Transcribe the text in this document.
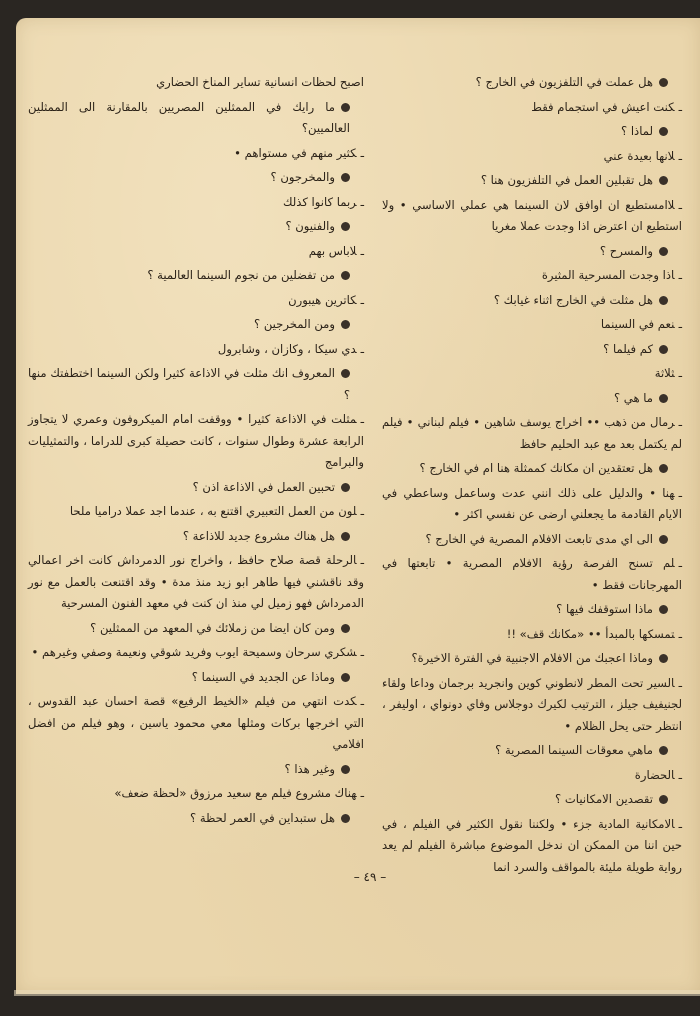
هل عملت في التلفزيون في الخارج ؟

ـكنت اعيش في استجمام فقط

لماذا ؟

ـلانها بعيدة عني

هل تقبلين العمل في التلفزيون هنا ؟

ـلاامستطيع ان اوافق لان السينما هي عملي الاساسي • ولا استطيع ان اعترض اذا وجدت عملا مغريا

والمسرح ؟

ـاذا وجدت المسرحية المثيرة

هل مثلت في الخارج اثناء غيابك ؟

ـنعم في السينما

كم فيلما ؟

ـثلاثة

ما هي ؟

ـرمال من ذهب •• اخراج يوسف شاهين • فيلم لبناني • فيلم لم يكتمل بعد مع عبد الحليم حافظ

هل تعتقدين ان مكانك كممثلة هنا ام في الخارج ؟

ـهنا • والدليل على ذلك انني عدت وساعمل وساعطي في الايام القادمة ما يجعلني ارضى عن نفسي اكثر •

الى اي مدى تابعت الافلام المصرية في الخارج ؟

ـلم تسنح الفرصة رؤية الافلام المصرية • تابعتها في المهرجانات فقط •

ماذا استوقفك فيها ؟

ـتمسكها بالمبدأ •• «مكانك قف» !!

وماذا اعجبك من الافلام الاجنبية في الفترة الاخيرة؟

ـالسير تحت المطر لانطوني كوين وانجريد برجمان وداعا ولقاء لجنيفيف جيلز ، الترتيب لكيرك دوجلاس وفاي دونواي ، اوليفر ، انتظر حتى يحل الظلام •

ماهي معوقات السينما المصرية ؟

ـالحضارة

تقصدين الامكانيات ؟

ـالامكانية المادية جزء • ولكننا نقول الكثير في الفيلم ، في حين اننا من الممكن ان ندخل الموضوع مباشرة الفيلم لم يعد رواية طويلة مليئة بالمواقف والسرد انما

اصبح لحظات انسانية تساير المناخ الحضاري

ما رايك في الممثلين المصريين بالمقارنة الى الممثلين العالميين؟

ـكثير منهم في مستواهم •

والمخرجون ؟

ـربما كانوا كذلك

والفنيون ؟

ـلاباس بهم

من تفضلين من نجوم السينما العالمية ؟

ـكاترين هيبورن

ومن المخرجين ؟

ـدي سيكا ، وكازان ، وشابرول

المعروف انك مثلت في الاذاعة كثيرا ولكن السينما اختطفتك منها ؟

ـمثلت في الاذاعة كثيرا • ووقفت امام الميكروفون وعمري لا يتجاوز الرابعة عشرة وطوال سنوات ، كانت حصيلة كبرى للدراما ، والتمثيليات والبرامج

تحبين العمل في الاذاعة اذن ؟

ـلون من العمل التعبيري اقتنع به ، عندما اجد عملا دراميا ملحا

هل هناك مشروع جديد للاذاعة ؟

ـالرحلة قصة صلاح حافظ ، واخراج نور الدمرداش كانت اخر اعمالي وقد ناقشني فيها طاهر ابو زيد منذ مدة • وقد اقتنعت بالعمل مع نور الدمرداش فهو زميل لي منذ ان كنت في معهد الفنون المسرحية

ومن كان ايضا من زملائك في المعهد من الممثلين ؟

ـشكري سرحان وسميحة ايوب وفريد شوقي ونعيمة وصفي وغيرهم •

وماذا عن الجديد في السينما ؟

ـكدت انتهي من فيلم «الخيط الرفيع» قصة احسان عبد القدوس ، التي اخرجها بركات ومثلها معي محمود ياسين ، وهو فيلم من افضل افلامي

وغير هذا ؟

ـهناك مشروع فيلم مع سعيد مرزوق «لحظة ضعف»

هل ستبداين في العمر لحظة ؟

– ٤٩ –
